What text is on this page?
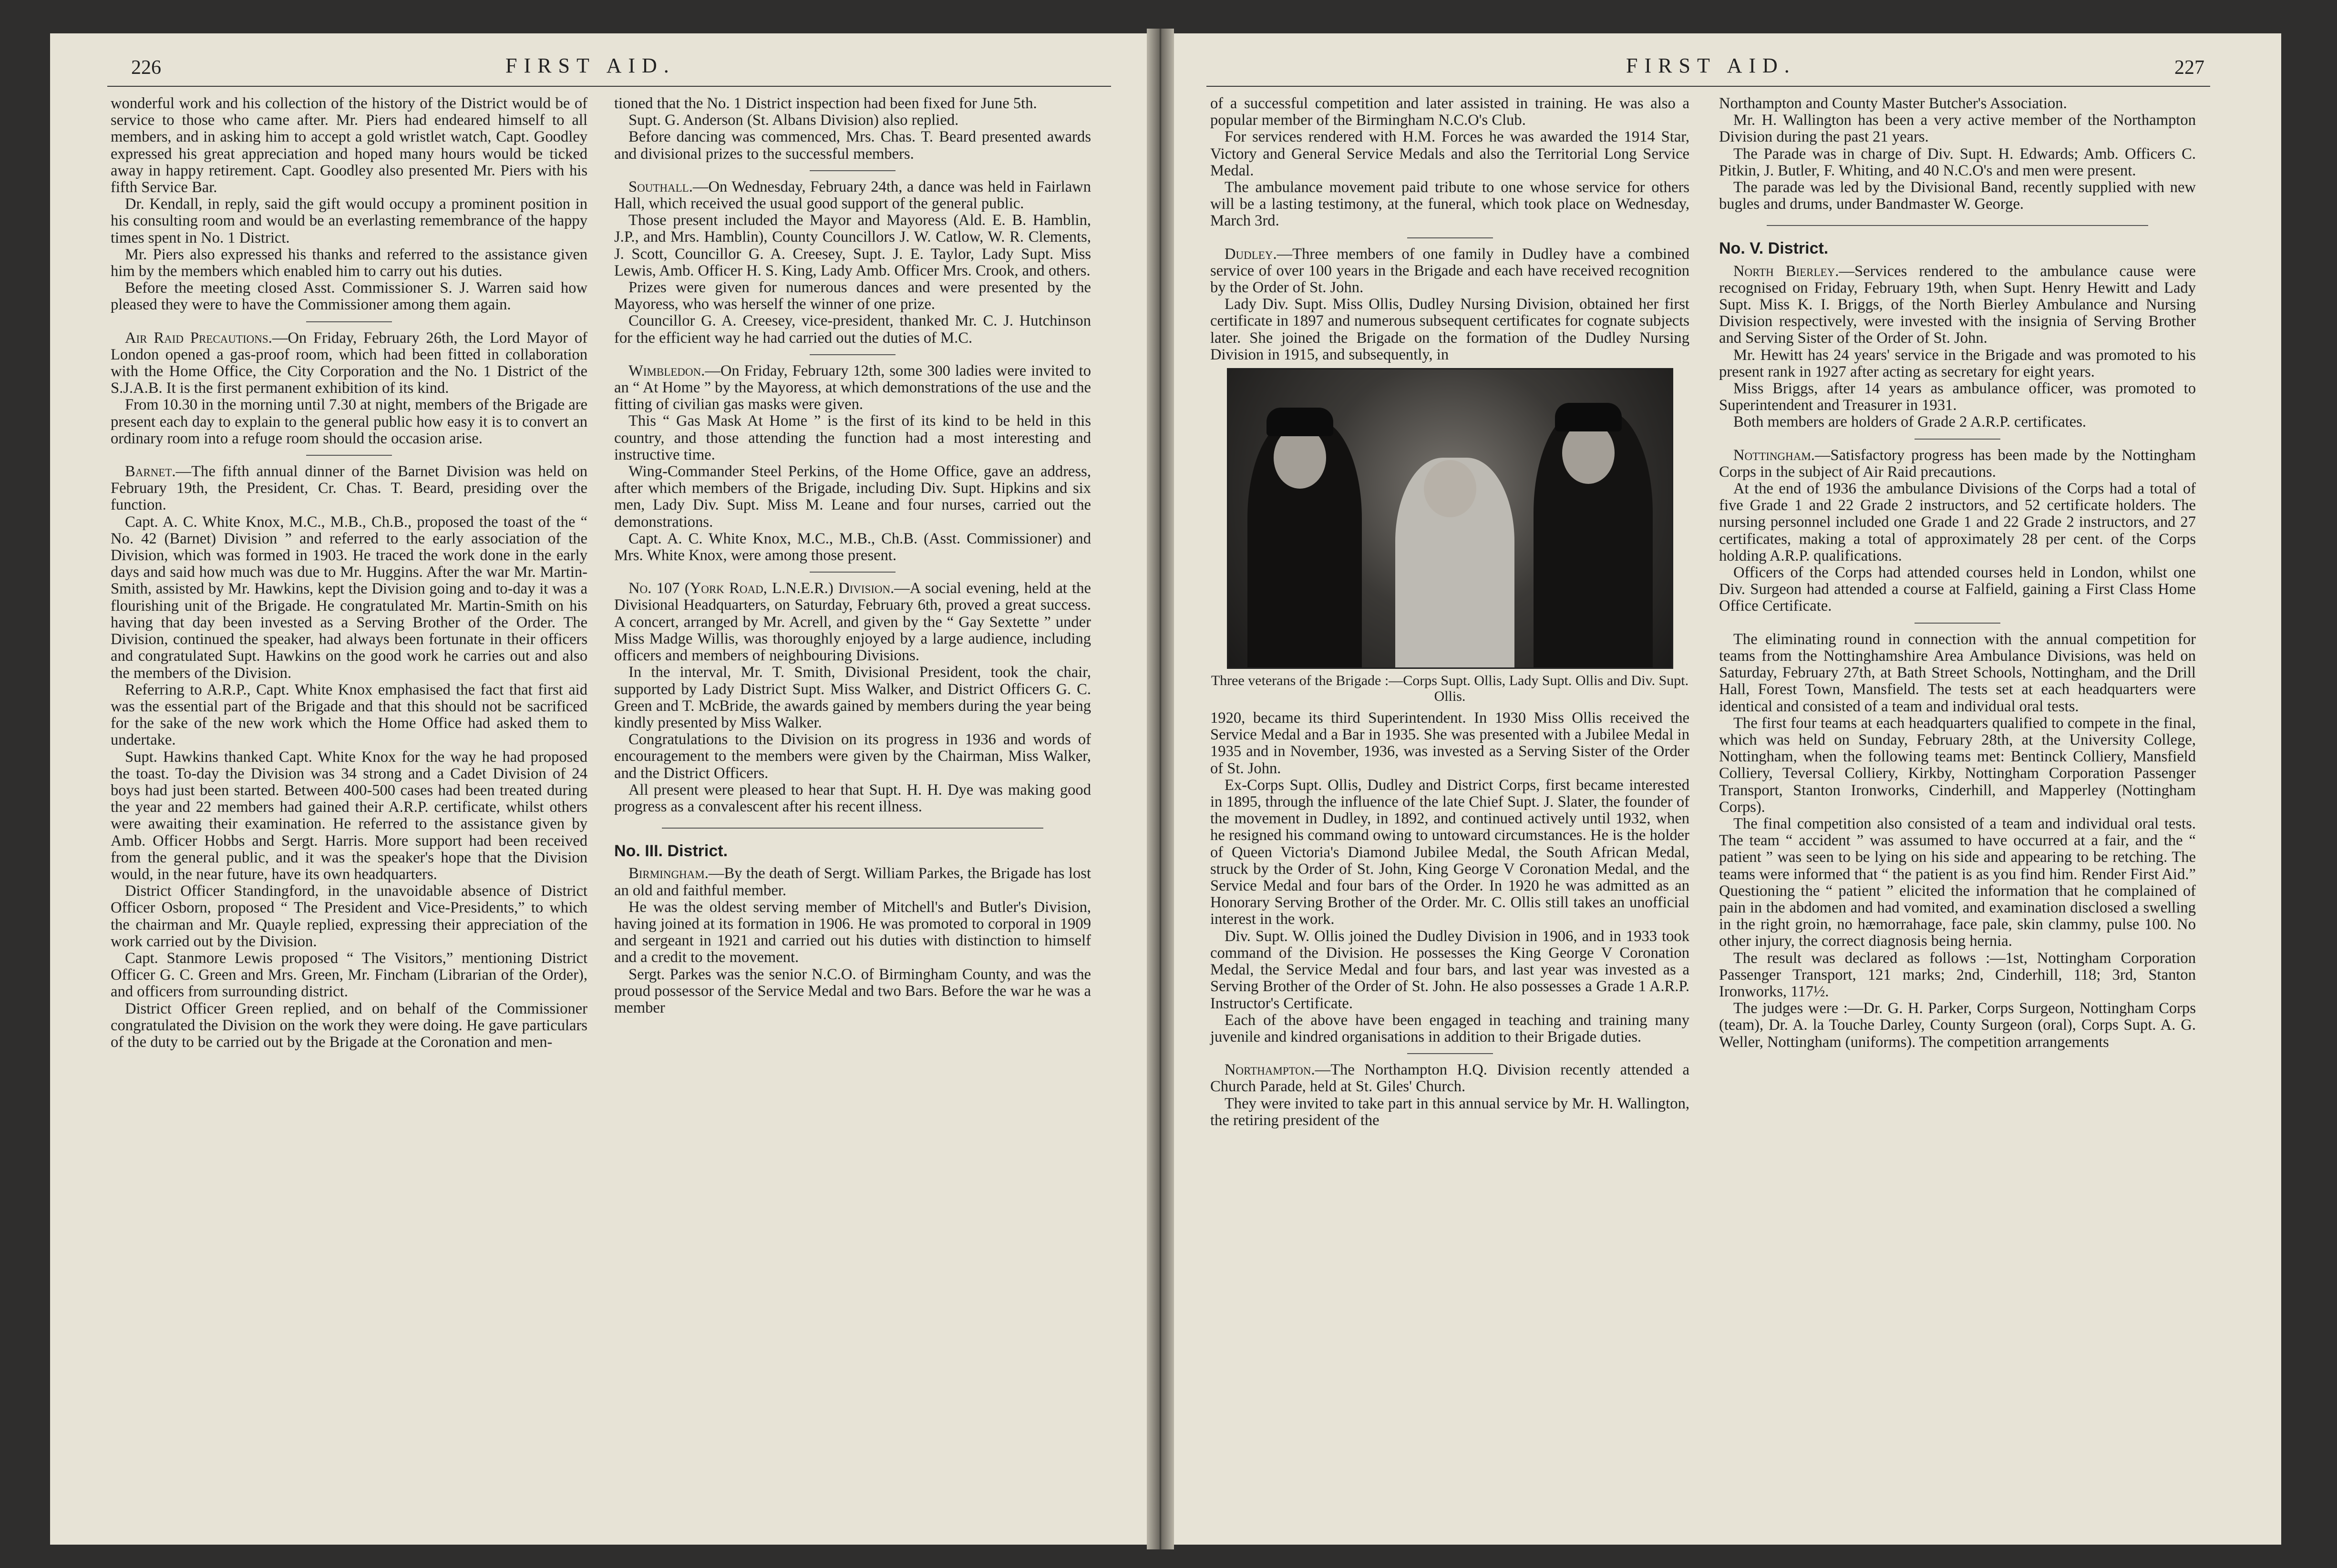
226	FIRST AID.	FIRST AID.	227

wonderful work and his collection of the history of the District would be of service to those who came after. Mr. Piers had endeared himself to all members, and in asking him to accept a gold wristlet watch, Capt. Goodley expressed his great appreciation and hoped many hours would be ticked away in happy retirement. Capt. Goodley also presented Mr. Piers with his fifth Service Bar.

Dr. Kendall, in reply, said the gift would occupy a prominent position in his consulting room and would be an everlasting remembrance of the happy times spent in No. 1 District.

Mr. Piers also expressed his thanks and referred to the assistance given him by the members which enabled him to carry out his duties.

Before the meeting closed Asst. Commissioner S. J. Warren said how pleased they were to have the Commissioner among them again.

Air Raid Precautions.—On Friday, February 26th, the Lord Mayor of London opened a gas-proof room, which had been fitted in collaboration with the Home Office, the City Corporation and the No. 1 District of the S.J.A.B. It is the first permanent exhibition of its kind.

From 10.30 in the morning until 7.30 at night, members of the Brigade are present each day to explain to the general public how easy it is to convert an ordinary room into a refuge room should the occasion arise.

Barnet.—The fifth annual dinner of the Barnet Division was held on February 19th, the President, Cr. Chas. T. Beard, presiding over the function.

Capt. A. C. White Knox, M.C., M.B., Ch.B., proposed the toast of the “ No. 42 (Barnet) Division ” and referred to the early association of the Division, which was formed in 1903. He traced the work done in the early days and said how much was due to Mr. Huggins. After the war Mr. Martin-Smith, assisted by Mr. Hawkins, kept the Division going and to-day it was a flourishing unit of the Brigade. He congratulated Mr. Martin-Smith on his having that day been invested as a Serving Brother of the Order. The Division, continued the speaker, had always been fortunate in their officers and congratulated Supt. Hawkins on the good work he carries out and also the members of the Division.

Referring to A.R.P., Capt. White Knox emphasised the fact that first aid was the essential part of the Brigade and that this should not be sacrificed for the sake of the new work which the Home Office had asked them to undertake.

Supt. Hawkins thanked Capt. White Knox for the way he had proposed the toast. To-day the Division was 34 strong and a Cadet Division of 24 boys had just been started. Between 400-500 cases had been treated during the year and 22 members had gained their A.R.P. certificate, whilst others were awaiting their examination. He referred to the assistance given by Amb. Officer Hobbs and Sergt. Harris. More support had been received from the general public, and it was the speaker's hope that the Division would, in the near future, have its own headquarters.

District Officer Standingford, in the unavoidable absence of District Officer Osborn, proposed “ The President and Vice-Presidents,” to which the chairman and Mr. Quayle replied, expressing their appreciation of the work carried out by the Division.

Capt. Stanmore Lewis proposed “ The Visitors,” mentioning District Officer G. C. Green and Mrs. Green, Mr. Fincham (Librarian of the Order), and officers from surrounding district.

District Officer Green replied, and on behalf of the Commissioner congratulated the Division on the work they were doing. He gave particulars of the duty to be carried out by the Brigade at the Coronation and men-

tioned that the No. 1 District inspection had been fixed for June 5th.

Supt. G. Anderson (St. Albans Division) also replied.

Before dancing was commenced, Mrs. Chas. T. Beard presented awards and divisional prizes to the successful members.

Southall.—On Wednesday, February 24th, a dance was held in Fairlawn Hall, which received the usual good support of the general public.

Those present included the Mayor and Mayoress (Ald. E. B. Hamblin, J.P., and Mrs. Hamblin), County Councillors J. W. Catlow, W. R. Clements, J. Scott, Councillor G. A. Creesey, Supt. J. E. Taylor, Lady Supt. Miss Lewis, Amb. Officer H. S. King, Lady Amb. Officer Mrs. Crook, and others.

Prizes were given for numerous dances and were presented by the Mayoress, who was herself the winner of one prize.

Councillor G. A. Creesey, vice-president, thanked Mr. C. J. Hutchinson for the efficient way he had carried out the duties of M.C.

Wimbledon.—On Friday, February 12th, some 300 ladies were invited to an “ At Home ” by the Mayoress, at which demonstrations of the use and the fitting of civilian gas masks were given.

This “ Gas Mask At Home ” is the first of its kind to be held in this country, and those attending the function had a most interesting and instructive time.

Wing-Commander Steel Perkins, of the Home Office, gave an address, after which members of the Brigade, including Div. Supt. Hipkins and six men, Lady Div. Supt. Miss M. Leane and four nurses, carried out the demonstrations.

Capt. A. C. White Knox, M.C., M.B., Ch.B. (Asst. Commissioner) and Mrs. White Knox, were among those present.

No. 107 (York Road, L.N.E.R.) Division.—A social evening, held at the Divisional Headquarters, on Saturday, February 6th, proved a great success. A concert, arranged by Mr. Acrell, and given by the “ Gay Sextette ” under Miss Madge Willis, was thoroughly enjoyed by a large audience, including officers and members of neighbouring Divisions.

In the interval, Mr. T. Smith, Divisional President, took the chair, supported by Lady District Supt. Miss Walker, and District Officers G. C. Green and T. McBride, the awards gained by members during the year being kindly presented by Miss Walker.

Congratulations to the Division on its progress in 1936 and words of encouragement to the members were given by the Chairman, Miss Walker, and the District Officers.

All present were pleased to hear that Supt. H. H. Dye was making good progress as a convalescent after his recent illness.

No. III. District.

Birmingham.—By the death of Sergt. William Parkes, the Brigade has lost an old and faithful member.

He was the oldest serving member of Mitchell's and Butler's Division, having joined at its formation in 1906. He was promoted to corporal in 1909 and sergeant in 1921 and carried out his duties with distinction to himself and a credit to the movement.

Sergt. Parkes was the senior N.C.O. of Birmingham County, and was the proud possessor of the Service Medal and two Bars. Before the war he was a member

of a successful competition and later assisted in training. He was also a popular member of the Birmingham N.C.O's Club.

For services rendered with H.M. Forces he was awarded the 1914 Star, Victory and General Service Medals and also the Territorial Long Service Medal.

The ambulance movement paid tribute to one whose service for others will be a lasting testimony, at the funeral, which took place on Wednesday, March 3rd.

Dudley.—Three members of one family in Dudley have a combined service of over 100 years in the Brigade and each have received recognition by the Order of St. John.

Lady Div. Supt. Miss Ollis, Dudley Nursing Division, obtained her first certificate in 1897 and numerous subsequent certificates for cognate subjects later. She joined the Brigade on the formation of the Dudley Nursing Division in 1915, and subsequently, in

Three veterans of the Brigade :—Corps Supt. Ollis, Lady Supt. Ollis and Div. Supt. Ollis.

1920, became its third Superintendent. In 1930 Miss Ollis received the Service Medal and a Bar in 1935. She was presented with a Jubilee Medal in 1935 and in November, 1936, was invested as a Serving Sister of the Order of St. John.

Ex-Corps Supt. Ollis, Dudley and District Corps, first became interested in 1895, through the influence of the late Chief Supt. J. Slater, the founder of the movement in Dudley, in 1892, and continued actively until 1932, when he resigned his command owing to untoward circumstances. He is the holder of Queen Victoria's Diamond Jubilee Medal, the South African Medal, struck by the Order of St. John, King George V Coronation Medal, and the Service Medal and four bars of the Order. In 1920 he was admitted as an Honorary Serving Brother of the Order. Mr. C. Ollis still takes an unofficial interest in the work.

Div. Supt. W. Ollis joined the Dudley Division in 1906, and in 1933 took command of the Division. He possesses the King George V Coronation Medal, the Service Medal and four bars, and last year was invested as a Serving Brother of the Order of St. John. He also possesses a Grade 1 A.R.P. Instructor's Certificate.

Each of the above have been engaged in teaching and training many juvenile and kindred organisations in addition to their Brigade duties.

Northampton.—The Northampton H.Q. Division recently attended a Church Parade, held at St. Giles' Church.

They were invited to take part in this annual service by Mr. H. Wallington, the retiring president of the

Northampton and County Master Butcher's Association.

Mr. H. Wallington has been a very active member of the Northampton Division during the past 21 years.

The Parade was in charge of Div. Supt. H. Edwards; Amb. Officers C. Pitkin, J. Butler, F. Whiting, and 40 N.C.O's and men were present.

The parade was led by the Divisional Band, recently supplied with new bugles and drums, under Bandmaster W. George.

No. V. District.

North Bierley.—Services rendered to the ambulance cause were recognised on Friday, February 19th, when Supt. Henry Hewitt and Lady Supt. Miss K. I. Briggs, of the North Bierley Ambulance and Nursing Division respectively, were invested with the insignia of Serving Brother and Serving Sister of the Order of St. John.

Mr. Hewitt has 24 years' service in the Brigade and was promoted to his present rank in 1927 after acting as secretary for eight years.

Miss Briggs, after 14 years as ambulance officer, was promoted to Superintendent and Treasurer in 1931.

Both members are holders of Grade 2 A.R.P. certificates.

Nottingham.—Satisfactory progress has been made by the Nottingham Corps in the subject of Air Raid precautions.

At the end of 1936 the ambulance Divisions of the Corps had a total of five Grade 1 and 22 Grade 2 instructors, and 52 certificate holders. The nursing personnel included one Grade 1 and 22 Grade 2 instructors, and 27 certificates, making a total of approximately 28 per cent. of the Corps holding A.R.P. qualifications.

Officers of the Corps had attended courses held in London, whilst one Div. Surgeon had attended a course at Falfield, gaining a First Class Home Office Certificate.

The eliminating round in connection with the annual competition for teams from the Nottinghamshire Area Ambulance Divisions, was held on Saturday, February 27th, at Bath Street Schools, Nottingham, and the Drill Hall, Forest Town, Mansfield. The tests set at each headquarters were identical and consisted of a team and individual oral tests.

The first four teams at each headquarters qualified to compete in the final, which was held on Sunday, February 28th, at the University College, Nottingham, when the following teams met: Bentinck Colliery, Mansfield Colliery, Teversal Colliery, Kirkby, Nottingham Corporation Passenger Transport, Stanton Ironworks, Cinderhill, and Mapperley (Nottingham Corps).

The final competition also consisted of a team and individual oral tests. The team “ accident ” was assumed to have occurred at a fair, and the “ patient ” was seen to be lying on his side and appearing to be retching. The teams were informed that “ the patient is as you find him. Render First Aid.” Questioning the “ patient ” elicited the information that he complained of pain in the abdomen and had vomited, and examination disclosed a swelling in the right groin, no hæmorrahage, face pale, skin clammy, pulse 100. No other injury, the correct diagnosis being hernia.

The result was declared as follows :—1st, Nottingham Corporation Passenger Transport, 121 marks; 2nd, Cinderhill, 118; 3rd, Stanton Ironworks, 117½.

The judges were :—Dr. G. H. Parker, Corps Surgeon, Nottingham Corps (team), Dr. A. la Touche Darley, County Surgeon (oral), Corps Supt. A. G. Weller, Nottingham (uniforms). The competition arrangements
